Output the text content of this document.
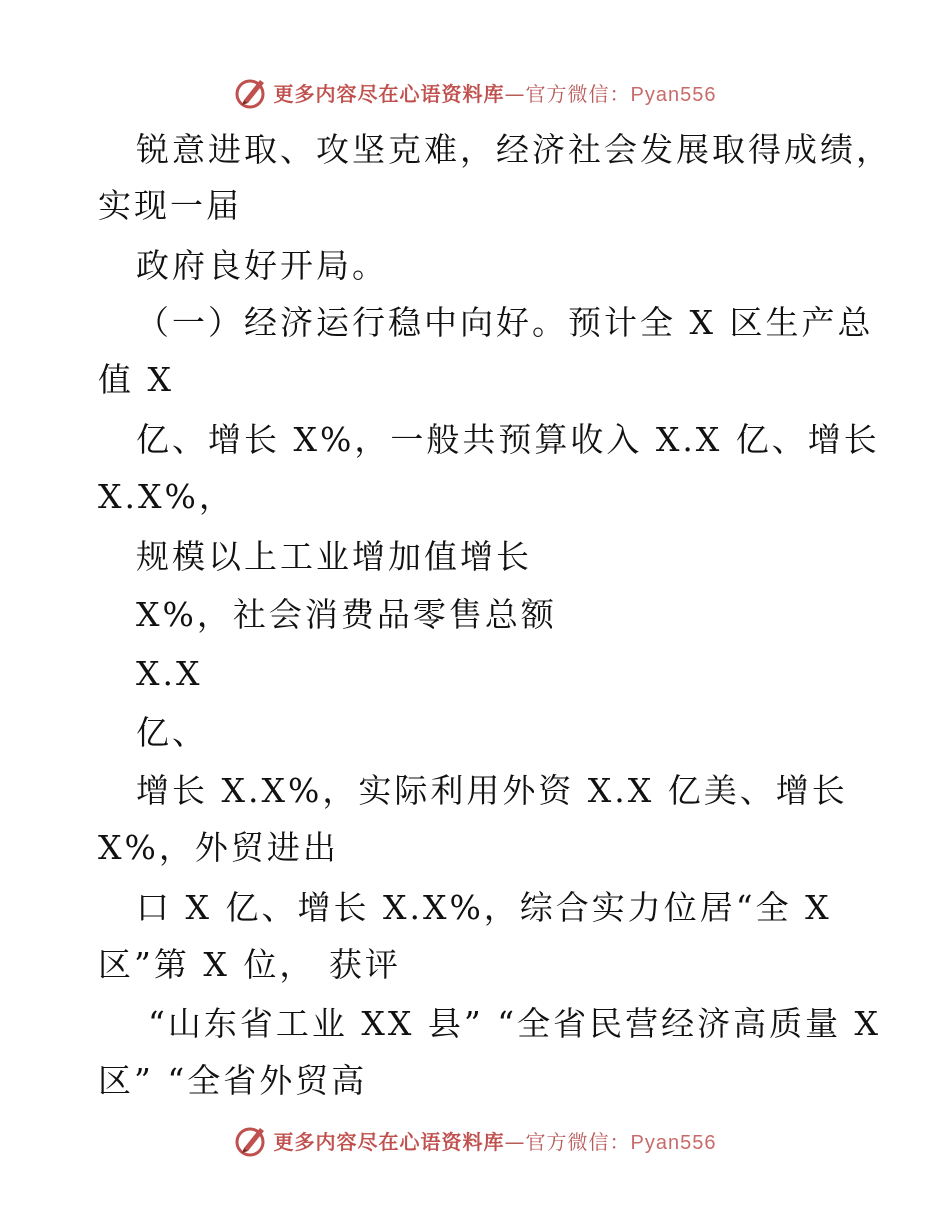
更多内容尽在心语资料库—官方微信：Pyan556
锐意进取、攻坚克难，经济社会发展取得成绩，
实现一届
政府良好开局。
（一）经济运行稳中向好。预计全 X 区生产总
值 X
亿、增长 X%，一般共预算收入 X.X 亿、增长
X.X%，
规模以上工业增加值增长
X%，社会消费品零售总额
X.X
亿、
增长 X.X%，实际利用外资 X.X 亿美、增长
X%，外贸进出
口 X 亿、增长 X.X%，综合实力位居“全 X
区”第 X 位， 获评
“山东省工业 XX 县” “全省民营经济高质量 X
区” “全省外贸高
更多内容尽在心语资料库—官方微信：Pyan556
